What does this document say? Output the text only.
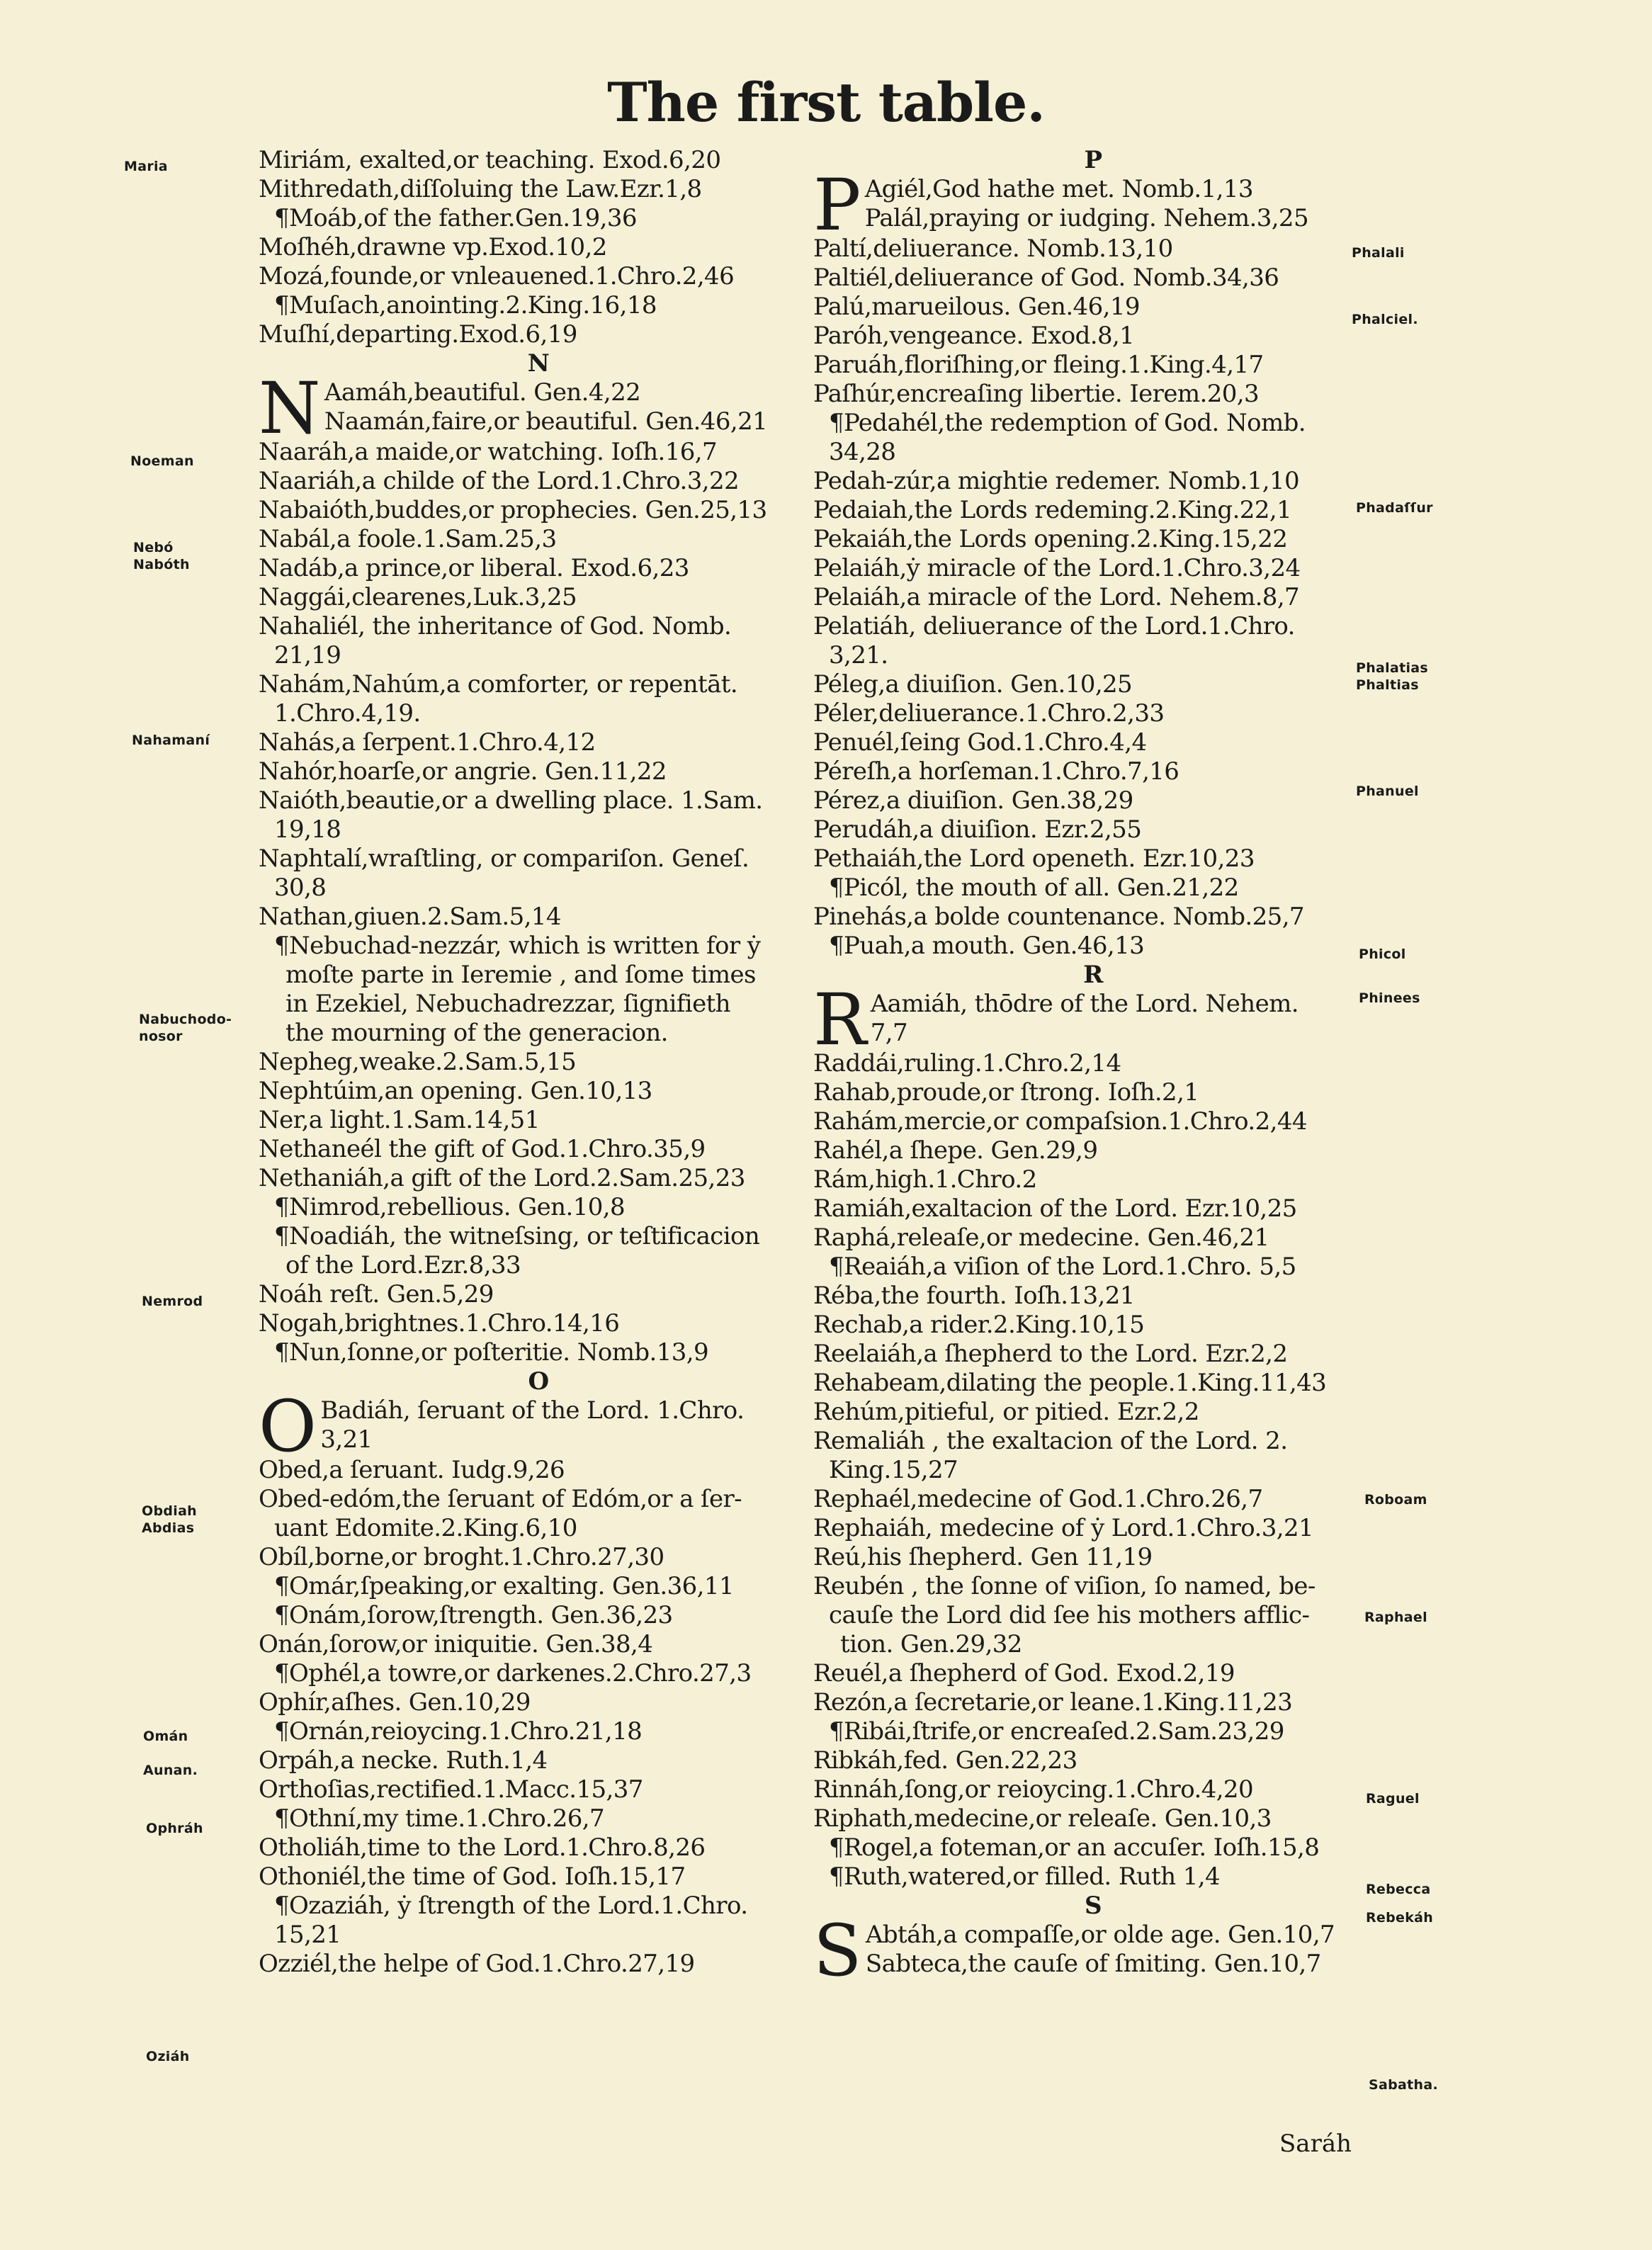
The first table.
Miriám, exalted,or teaching. Exod.6,20
Mithredath,diſſoluing the Law.Ezr.1,8
¶Moáb,of the father.Gen.19,36
Moſhéh,drawne vp.Exod.10,2
Mozá,founde,or vnleauened.1.Chro.2,46
¶Muſach,anointing.2.King.16,18
Muſhí,departing.Exod.6,19
N
N Aamáh,beautiful. Gen.4,22
Naamán,faire,or beautiful. Gen.46,21
Naaráh,a maide,or watching. Ioſh.16,7
Naariáh,a childe of the Lord.1.Chro.3,22
Nabaióth,buddes,or prophecies. Gen.25,13
Nabál,a foole.1.Sam.25,3
Nadáb,a prince,or liberal. Exod.6,23
Naggái,clearenes,Luk.3,25
Nahaliél, the inheritance of God. Nomb.
21,19
Nahám,Nahúm,a comforter, or repentāt.
1.Chro.4,19.
Nahás,a ſerpent.1.Chro.4,12
Nahór,hoarſe,or angrie. Gen.11,22
Naióth,beautie,or a dwelling place. 1.Sam.
19,18
Naphtalí,wraſtling, or compariſon. Geneſ.
30,8
Nathan,giuen.2.Sam.5,14
¶Nebuchad-nezzár, which is written for ẏ
moſte parte in Ieremie , and ſome times
in Ezekiel, Nebuchadrezzar, ſignifieth
the mourning of the generacion.
Nepheg,weake.2.Sam.5,15
Nephtúim,an opening. Gen.10,13
Ner,a light.1.Sam.14,51
Nethaneél the gift of God.1.Chro.35,9
Nethaniáh,a gift of the Lord.2.Sam.25,23
¶Nimrod,rebellious. Gen.10,8
¶Noadiáh, the witneſsing, or teſtificacion
of the Lord.Ezr.8,33
Noáh reſt. Gen.5,29
Nogah,brightnes.1.Chro.14,16
¶Nun,ſonne,or poſteritie. Nomb.13,9
O
O Badiáh, ſeruant of the Lord. 1.Chro.
3,21
Obed,a ſeruant. Iudg.9,26
Obed-edóm,the ſeruant of Edóm,or a ſer-
uant Edomite.2.King.6,10
Obíl,borne,or broght.1.Chro.27,30
¶Omár,ſpeaking,or exalting. Gen.36,11
¶Onám,ſorow,ſtrength. Gen.36,23
Onán,ſorow,or iniquitie. Gen.38,4
¶Ophél,a towre,or darkenes.2.Chro.27,3
Ophír,aſhes. Gen.10,29
¶Ornán,reioycing.1.Chro.21,18
Orpáh,a necke. Ruth.1,4
Orthoſias,rectified.1.Macc.15,37
¶Othní,my time.1.Chro.26,7
Otholiáh,time to the Lord.1.Chro.8,26
Othoniél,the time of God. Ioſh.15,17
¶Ozaziáh, ẏ ſtrength of the Lord.1.Chro.
15,21
Ozziél,the helpe of God.1.Chro.27,19
P
P Agiél,God hathe met. Nomb.1,13
Palál,praying or iudging. Nehem.3,25
Paltí,deliuerance. Nomb.13,10
Paltiél,deliuerance of God. Nomb.34,36
Palú,marueilous. Gen.46,19
Paróh,vengeance. Exod.8,1
Paruáh,floriſhing,or fleing.1.King.4,17
Paſhúr,encreaſing libertie. Ierem.20,3
¶Pedahél,the redemption of God. Nomb.
34,28
Pedah-zúr,a mightie redemer. Nomb.1,10
Pedaiah,the Lords redeming.2.King.22,1
Pekaiáh,the Lords opening.2.King.15,22
Pelaiáh,ẏ miracle of the Lord.1.Chro.3,24
Pelaiáh,a miracle of the Lord. Nehem.8,7
Pelatiáh, deliuerance of the Lord.1.Chro.
3,21.
Péleg,a diuiſion. Gen.10,25
Péler,deliuerance.1.Chro.2,33
Penuél,ſeing God.1.Chro.4,4
Péreſh,a horſeman.1.Chro.7,16
Pérez,a diuiſion. Gen.38,29
Perudáh,a diuiſion. Ezr.2,55
Pethaiáh,the Lord openeth. Ezr.10,23
¶Picól, the mouth of all. Gen.21,22
Pinehás,a bolde countenance. Nomb.25,7
¶Puah,a mouth. Gen.46,13
R
R Aamiáh, thōdre of the Lord. Nehem.
7,7
Raddái,ruling.1.Chro.2,14
Rahab,proude,or ſtrong. Ioſh.2,1
Rahám,mercie,or compaſsion.1.Chro.2,44
Rahél,a ſhepe. Gen.29,9
Rám,high.1.Chro.2
Ramiáh,exaltacion of the Lord. Ezr.10,25
Raphá,releaſe,or medecine. Gen.46,21
¶Reaiáh,a viſion of the Lord.1.Chro. 5,5
Réba,the fourth. Ioſh.13,21
Rechab,a rider.2.King.10,15
Reelaiáh,a ſhepherd to the Lord. Ezr.2,2
Rehabeam,dilating the people.1.King.11,43
Rehúm,pitieful, or pitied. Ezr.2,2
Remaliáh , the exaltacion of the Lord. 2.
King.15,27
Rephaél,medecine of God.1.Chro.26,7
Rephaiáh, medecine of ẏ Lord.1.Chro.3,21
Reú,his ſhepherd. Gen 11,19
Reubén , the ſonne of viſion, ſo named, be-
cauſe the Lord did ſee his mothers afflic-
tion. Gen.29,32
Reuél,a ſhepherd of God. Exod.2,19
Rezón,a ſecretarie,or leane.1.King.11,23
¶Ribái,ſtrife,or encreaſed.2.Sam.23,29
Ribkáh,fed. Gen.22,23
Rinnáh,ſong,or reioycing.1.Chro.4,20
Riphath,medecine,or releaſe. Gen.10,3
¶Rogel,a foteman,or an accuſer. Ioſh.15,8
¶Ruth,watered,or filled. Ruth 1,4
S
S Abtáh,a compaſſe,or olde age. Gen.10,7
Sabteca,the cauſe of ſmiting. Gen.10,7
Saráh
Maria
Noeman
Nebó
Nabóth
Nahamaní
Nabuchodo-
nosor
Nemrod
Obdiah
Abdias
Omán
Aunan.
Ophráh
Oziáh
Phalali
Phalciel.
Phadaſſur
Phalatias
Phaltias
Phanuel
Phicol
Phinees
Roboam
Raphael
Raguel
Rebecca
Rebekáh
Sabatha.
